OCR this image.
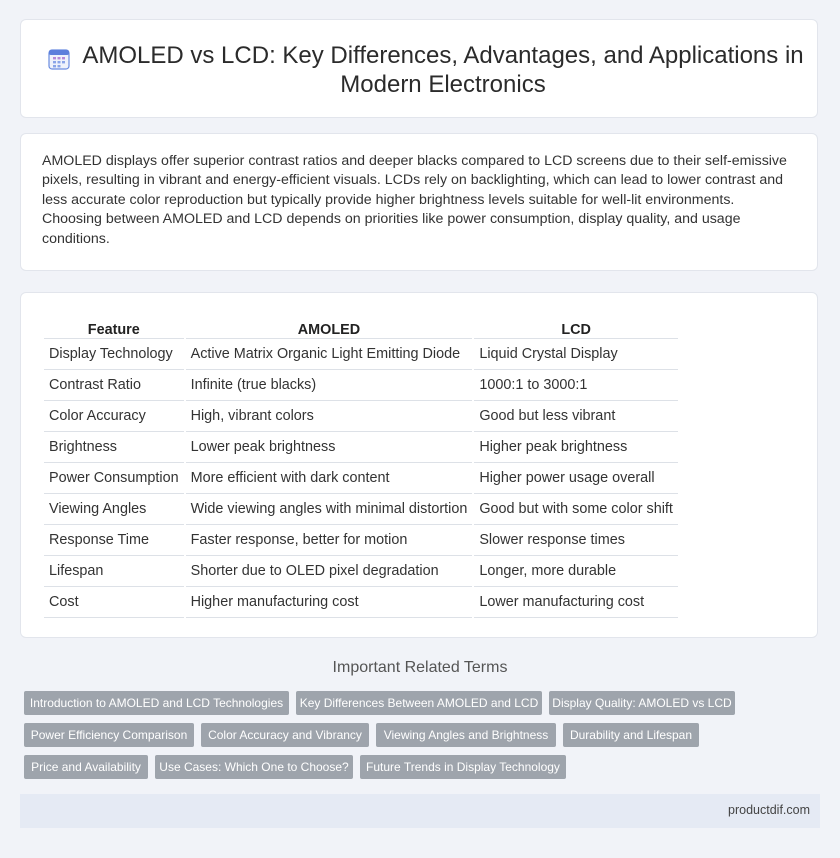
AMOLED vs LCD: Key Differences, Advantages, and Applications in Modern Electronics

AMOLED displays offer superior contrast ratios and deeper blacks compared to LCD screens due to their self-emissive pixels, resulting in vibrant and energy-efficient visuals. LCDs rely on backlighting, which can lead to lower contrast and less accurate color reproduction but typically provide higher brightness levels suitable for well-lit environments. Choosing between AMOLED and LCD depends on priorities like power consumption, display quality, and usage conditions.

Feature	AMOLED	LCD
Display Technology	Active Matrix Organic Light Emitting Diode	Liquid Crystal Display
Contrast Ratio	Infinite (true blacks)	1000:1 to 3000:1
Color Accuracy	High, vibrant colors	Good but less vibrant
Brightness	Lower peak brightness	Higher peak brightness
Power Consumption	More efficient with dark content	Higher power usage overall
Viewing Angles	Wide viewing angles with minimal distortion	Good but with some color shift
Response Time	Faster response, better for motion	Slower response times
Lifespan	Shorter due to OLED pixel degradation	Longer, more durable
Cost	Higher manufacturing cost	Lower manufacturing cost
Important Related Terms
Introduction to AMOLED and LCD Technologies	Key Differences Between AMOLED and LCD	Display Quality: AMOLED vs LCD
Power Efficiency Comparison	Color Accuracy and Vibrancy	Viewing Angles and Brightness	Durability and Lifespan
Price and Availability	Use Cases: Which One to Choose?	Future Trends in Display Technology
productdif.com
